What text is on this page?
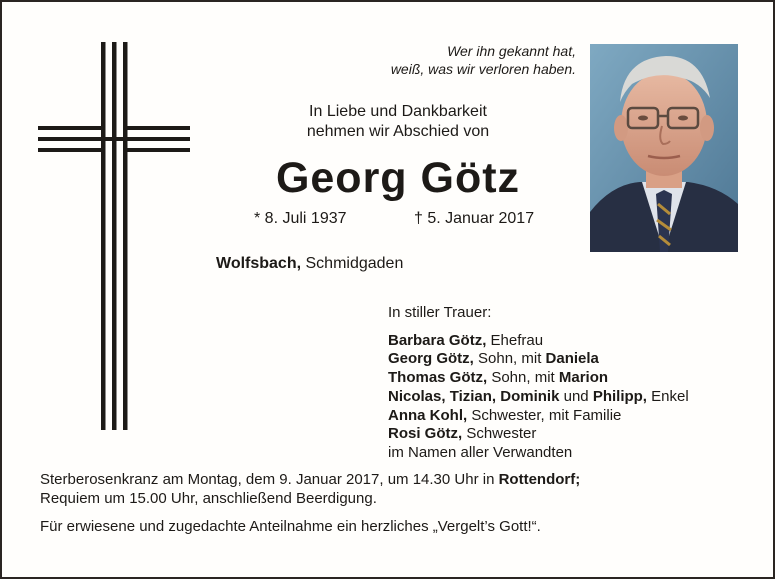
Wer ihn gekannt hat,
weiß, was wir verloren haben.
In Liebe und Dankbarkeit
nehmen wir Abschied von
Georg Götz
* 8. Juli 1937	† 5. Januar 2017
Wolfsbach, Schmidgaden
In stiller Trauer:
Barbara Götz, Ehefrau
Georg Götz, Sohn, mit Daniela
Thomas Götz, Sohn, mit Marion
Nicolas, Tizian, Dominik und Philipp, Enkel
Anna Kohl, Schwester, mit Familie
Rosi Götz, Schwester
im Namen aller Verwandten
Sterberosenkranz am Montag, dem 9. Januar 2017, um 14.30 Uhr in Rottendorf;
Requiem um 15.00 Uhr, anschließend Beerdigung.
Für erwiesene und zugedachte Anteilnahme ein herzliches „Vergelt’s Gott!“.
